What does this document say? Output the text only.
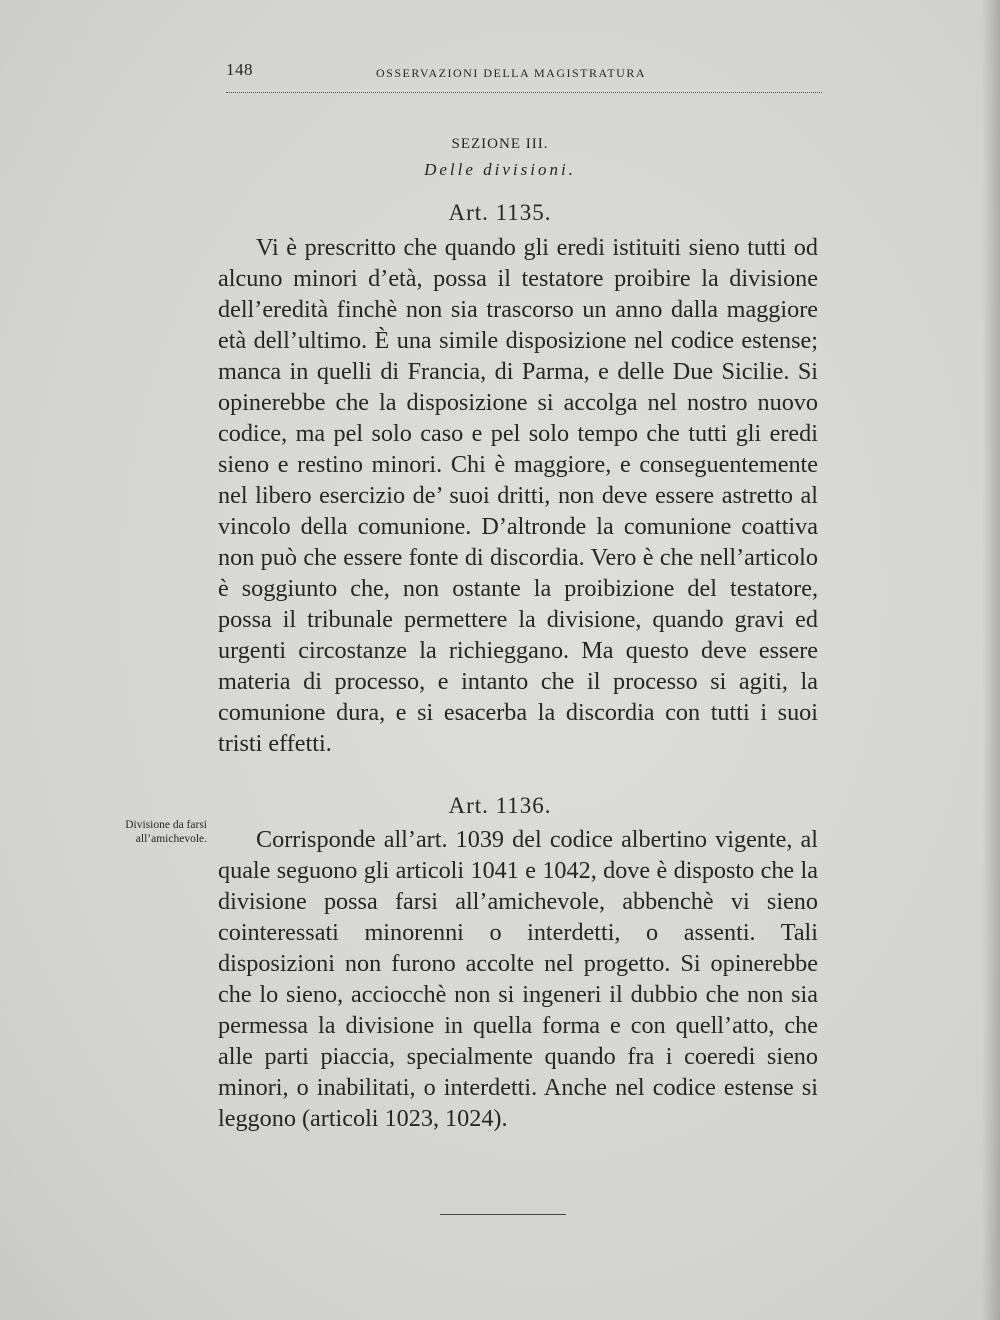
148	OSSERVAZIONI DELLA MAGISTRATURA
SEZIONE III.
Delle divisioni.
Art. 1135.

Vi è prescritto che quando gli eredi istituiti sieno tutti od alcuno minori d’età, possa il testatore proibire la divisione dell’eredità finchè non sia trascorso un anno dalla maggiore età dell’ultimo. È una simile disposizione nel codice estense; manca in quelli di Francia, di Parma, e delle Due Sicilie. Si opinerebbe che la disposizione si accolga nel nostro nuovo codice, ma pel solo caso e pel solo tempo che tutti gli eredi sieno e restino minori. Chi è maggiore, e conseguentemente nel libero esercizio de’ suoi dritti, non deve essere astretto al vincolo della comunione. D’altronde la comunione coattiva non può che essere fonte di discordia. Vero è che nell’articolo è soggiunto che, non ostante la proibizione del testatore, possa il tribunale permettere la divisione, quando gravi ed urgenti circostanze la richieggano. Ma questo deve essere materia di processo, e intanto che il processo si agiti, la comunione dura, e si esacerba la discordia con tutti i suoi tristi effetti.

Divisione da farsi all’amichevole.
Art. 1136.

Corrisponde all’art. 1039 del codice albertino vigente, al quale seguono gli articoli 1041 e 1042, dove è disposto che la divisione possa farsi all’amichevole, abbenchè vi sieno cointeressati minorenni o interdetti, o assenti. Tali disposizioni non furono accolte nel progetto. Si opinerebbe che lo sieno, acciocchè non si ingeneri il dubbio che non sia permessa la divisione in quella forma e con quell’atto, che alle parti piaccia, specialmente quando fra i coeredi sieno minori, o inabilitati, o interdetti. Anche nel codice estense si leggono (articoli 1023, 1024).
